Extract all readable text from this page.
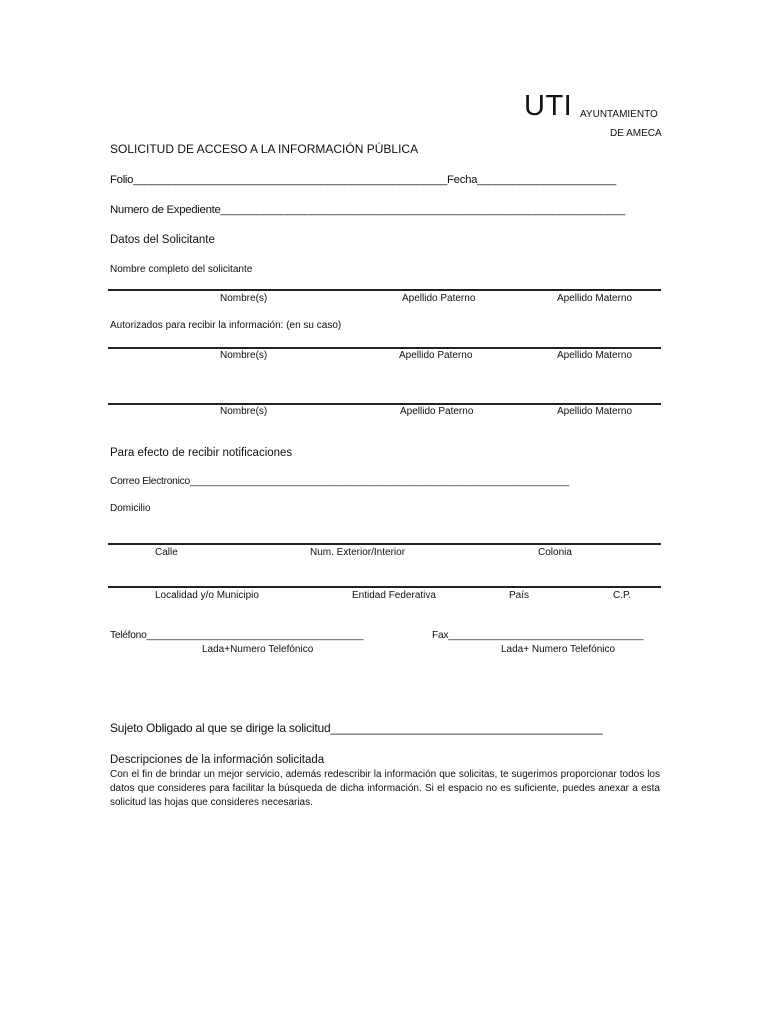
UTI AYUNTAMIENTO
DE AMECA
SOLICITUD DE ACCESO A LA INFORMACIÓN PÚBLICA
Folio____________________________________________________Fecha_______________________
Numero de Expediente___________________________________________________________________
Datos del Solicitante
Nombre completo del solicitante
Nombre(s)	Apellido Paterno	Apellido Materno
Autorizados para recibir la información: (en su caso)
Nombre(s)	Apellido Paterno	Apellido Materno
Nombre(s)	Apellido Paterno	Apellido Materno
Para efecto de recibir notificaciones
Correo Electronico______________________________________________________________________
Domicilio
Calle	Num. Exterior/Interior	Colonia
Localidad y/o Municipio	Entidad Federativa	País	C.P.
Teléfono________________________________________	Fax____________________________________
Lada+Numero Telefónico	Lada+ Numero Telefónico
Sujeto Obligado al que se dirige la solicitud__________________________________________
Descripciones de la información solicitada
Con el fin de brindar un mejor servicio, además redescribir la información que solicitas, te sugerimos proporcionar todos los datos que consideres para facilitar la búsqueda de dicha información. Si el espacio no es suficiente, puedes anexar a esta solicitud las hojas que consideres necesarias.
